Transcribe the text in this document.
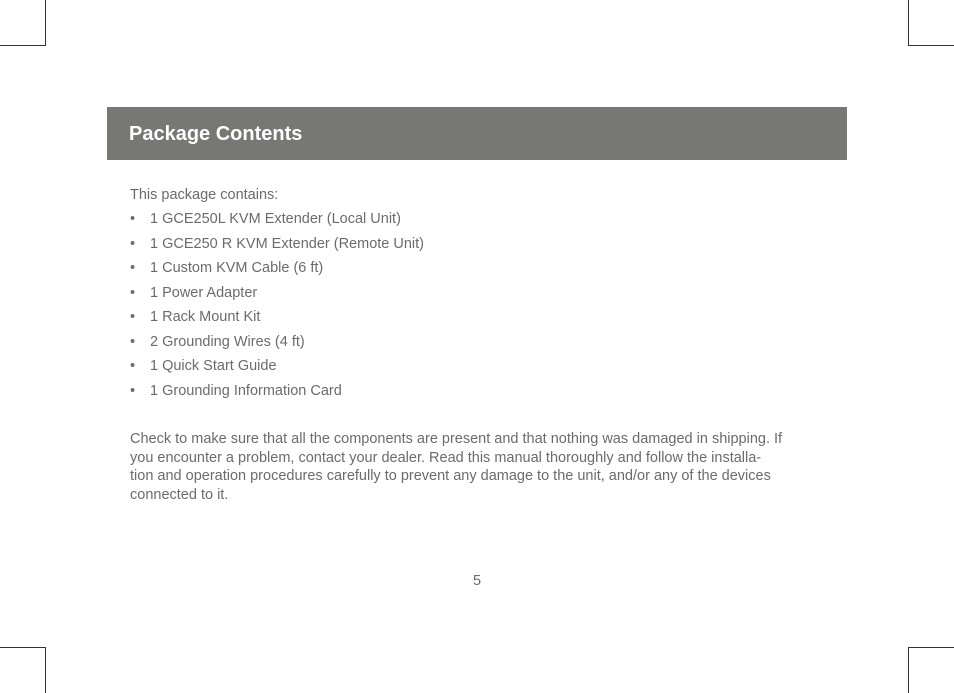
Package Contents

This package contains:

• 1 GCE250L KVM Extender (Local Unit)
• 1 GCE250 R KVM Extender (Remote Unit)
• 1 Custom KVM Cable (6 ft)
• 1 Power Adapter
• 1 Rack Mount Kit
• 2 Grounding Wires (4 ft)
• 1 Quick Start Guide
• 1 Grounding Information Card

Check to make sure that all the components are present and that nothing was damaged in shipping. If
you encounter a problem, contact your dealer. Read this manual thoroughly and follow the installa-
tion and operation procedures carefully to prevent any damage to the unit, and/or any of the devices
connected to it.

5
